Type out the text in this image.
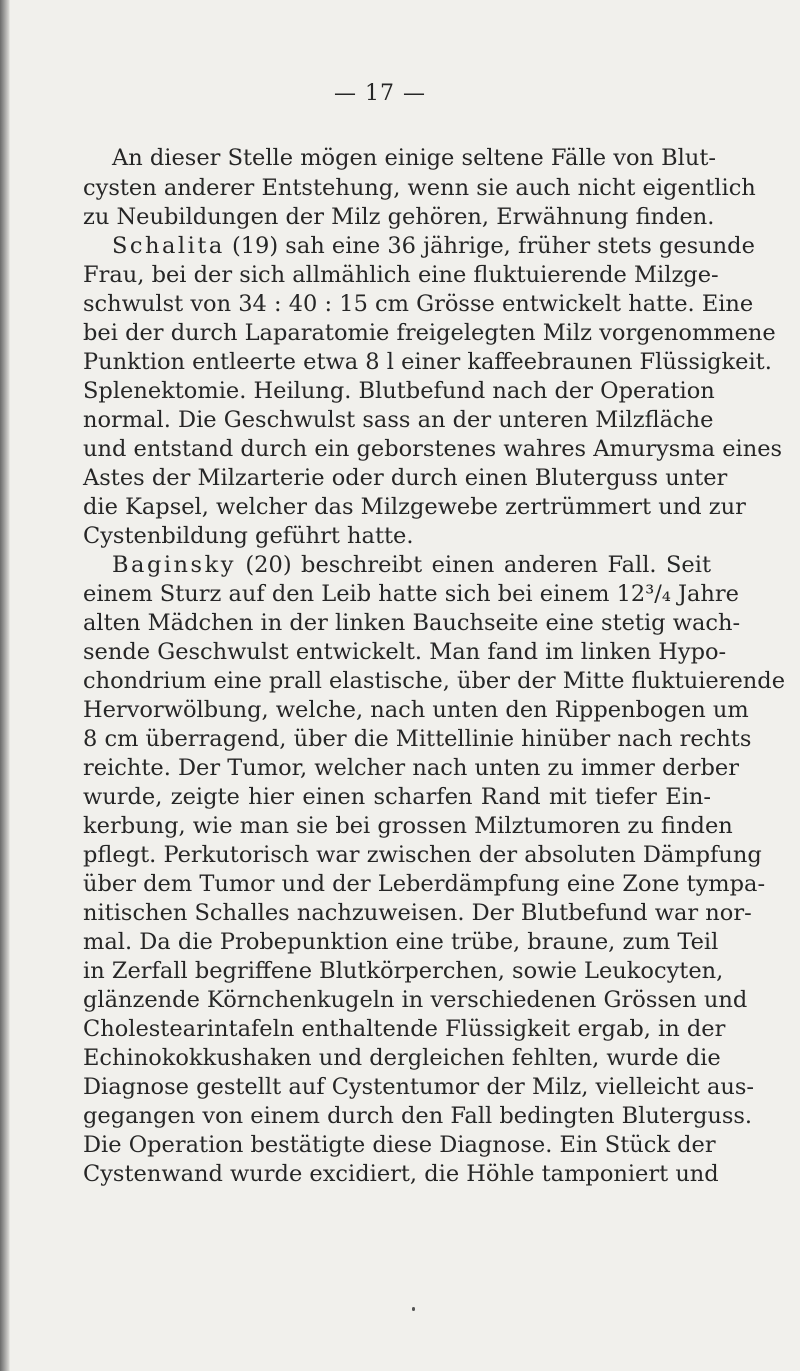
— 17 —
An dieser Stelle mögen einige seltene Fälle von Blut-
cysten anderer Entstehung, wenn sie auch nicht eigentlich
zu Neubildungen der Milz gehören, Erwähnung finden.
Schalita (19) sah eine 36 jährige, früher stets gesunde
Frau, bei der sich allmählich eine fluktuierende Milzge-
schwulst von 34 : 40 : 15 cm Grösse entwickelt hatte. Eine
bei der durch Laparatomie freigelegten Milz vorgenommene
Punktion entleerte etwa 8 l einer kaffeebraunen Flüssigkeit.
Splenektomie. Heilung. Blutbefund nach der Operation
normal. Die Geschwulst sass an der unteren Milzfläche
und entstand durch ein geborstenes wahres Amurysma eines
Astes der Milzarterie oder durch einen Bluterguss unter
die Kapsel, welcher das Milzgewebe zertrümmert und zur
Cystenbildung geführt hatte.
Baginsky (20) beschreibt einen anderen Fall. Seit
einem Sturz auf den Leib hatte sich bei einem 12³/₄ Jahre
alten Mädchen in der linken Bauchseite eine stetig wach-
sende Geschwulst entwickelt. Man fand im linken Hypo-
chondrium eine prall elastische, über der Mitte fluktuierende
Hervorwölbung, welche, nach unten den Rippenbogen um
8 cm überragend, über die Mittellinie hinüber nach rechts
reichte. Der Tumor, welcher nach unten zu immer derber
wurde, zeigte hier einen scharfen Rand mit tiefer Ein-
kerbung, wie man sie bei grossen Milztumoren zu finden
pflegt. Perkutorisch war zwischen der absoluten Dämpfung
über dem Tumor und der Leberdämpfung eine Zone tympa-
nitischen Schalles nachzuweisen. Der Blutbefund war nor-
mal. Da die Probepunktion eine trübe, braune, zum Teil
in Zerfall begriffene Blutkörperchen, sowie Leukocyten,
glänzende Körnchenkugeln in verschiedenen Grössen und
Cholestearintafeln enthaltende Flüssigkeit ergab, in der
Echinokokkushaken und dergleichen fehlten, wurde die
Diagnose gestellt auf Cystentumor der Milz, vielleicht aus-
gegangen von einem durch den Fall bedingten Bluterguss.
Die Operation bestätigte diese Diagnose. Ein Stück der
Cystenwand wurde excidiert, die Höhle tamponiert und
